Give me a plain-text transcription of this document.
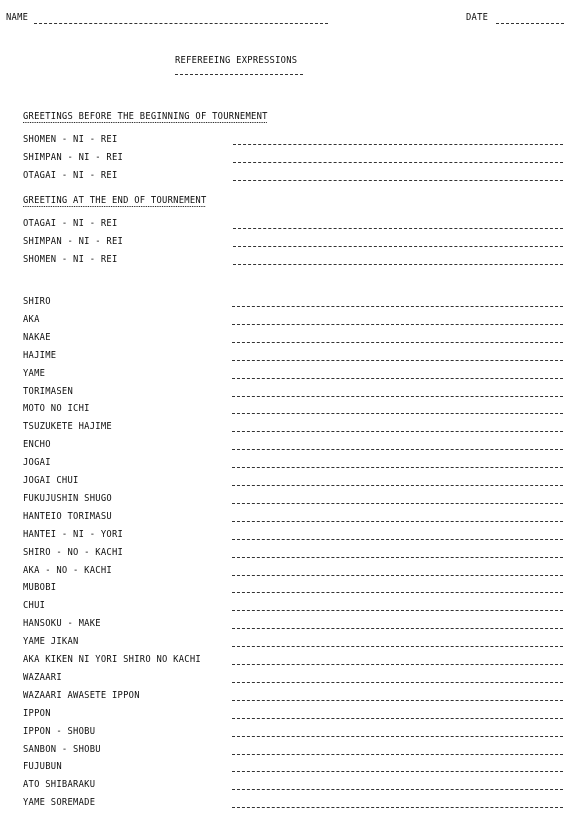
NAME	DATE
REFEREEING EXPRESSIONS
GREETINGS BEFORE THE BEGINNING OF TOURNEMENT
SHOMEN - NI - REI
SHIMPAN - NI - REI
OTAGAI - NI - REI
GREETING AT THE END OF TOURNEMENT
OTAGAI - NI - REI
SHIMPAN - NI - REI
SHOMEN - NI - REI
SHIRO
AKA
NAKAE
HAJIME
YAME
TORIMASEN
MOTO NO ICHI
TSUZUKETE HAJIME
ENCHO
JOGAI
JOGAI CHUI
FUKUJUSHIN SHUGO
HANTEIO TORIMASU
HANTEI - NI - YORI
SHIRO - NO - KACHI
AKA - NO - KACHI
MUBOBI
CHUI
HANSOKU - MAKE
YAME JIKAN
AKA KIKEN NI YORI SHIRO NO KACHI
WAZAARI
WAZAARI AWASETE IPPON
IPPON
IPPON - SHOBU
SANBON - SHOBU
FUJUBUN
ATO SHIBARAKU
YAME SOREMADE
